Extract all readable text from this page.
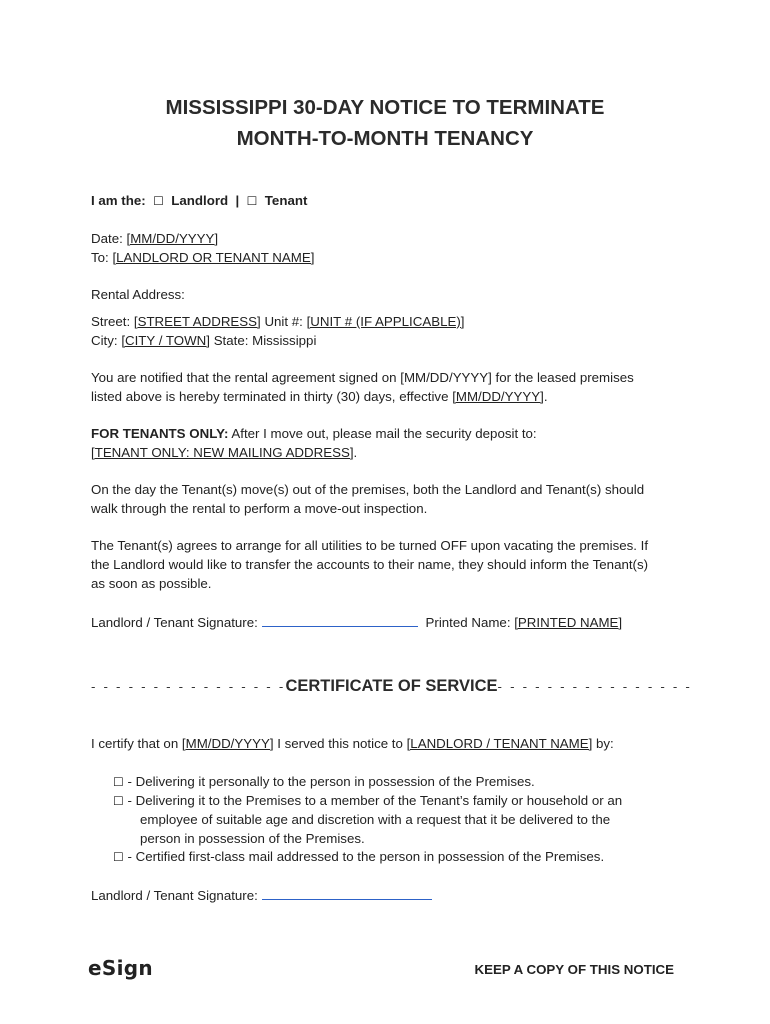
MISSISSIPPI 30-DAY NOTICE TO TERMINATE
MONTH-TO-MONTH TENANCY
I am the: ☐ Landlord | ☐ Tenant
Date: [MM/DD/YYYY]
To: [LANDLORD OR TENANT NAME]
Rental Address:
Street: [STREET ADDRESS] Unit #: [UNIT # (IF APPLICABLE)]
City: [CITY / TOWN] State: Mississippi
You are notified that the rental agreement signed on [MM/DD/YYYY] for the leased premises
listed above is hereby terminated in thirty (30) days, effective [MM/DD/YYYY].
FOR TENANTS ONLY: After I move out, please mail the security deposit to:
[TENANT ONLY: NEW MAILING ADDRESS].
On the day the Tenant(s) move(s) out of the premises, both the Landlord and Tenant(s) should
walk through the rental to perform a move-out inspection.
The Tenant(s) agrees to arrange for all utilities to be turned OFF upon vacating the premises. If
the Landlord would like to transfer the accounts to their name, they should inform the Tenant(s)
as soon as possible.
Landlord / Tenant Signature:	Printed Name: [PRINTED NAME]
- - - - - - - - - - - - - - - - CERTIFICATE OF SERVICE - - - - - - - - - - - - - - - -
I certify that on [MM/DD/YYYY] I served this notice to [LANDLORD / TENANT NAME] by:
☐ - Delivering it personally to the person in possession of the Premises.
☐ - Delivering it to the Premises to a member of the Tenant’s family or household or an
employee of suitable age and discretion with a request that it be delivered to the
person in possession of the Premises.
☐ - Certified first-class mail addressed to the person in possession of the Premises.
Landlord / Tenant Signature:
eSign	KEEP A COPY OF THIS NOTICE
